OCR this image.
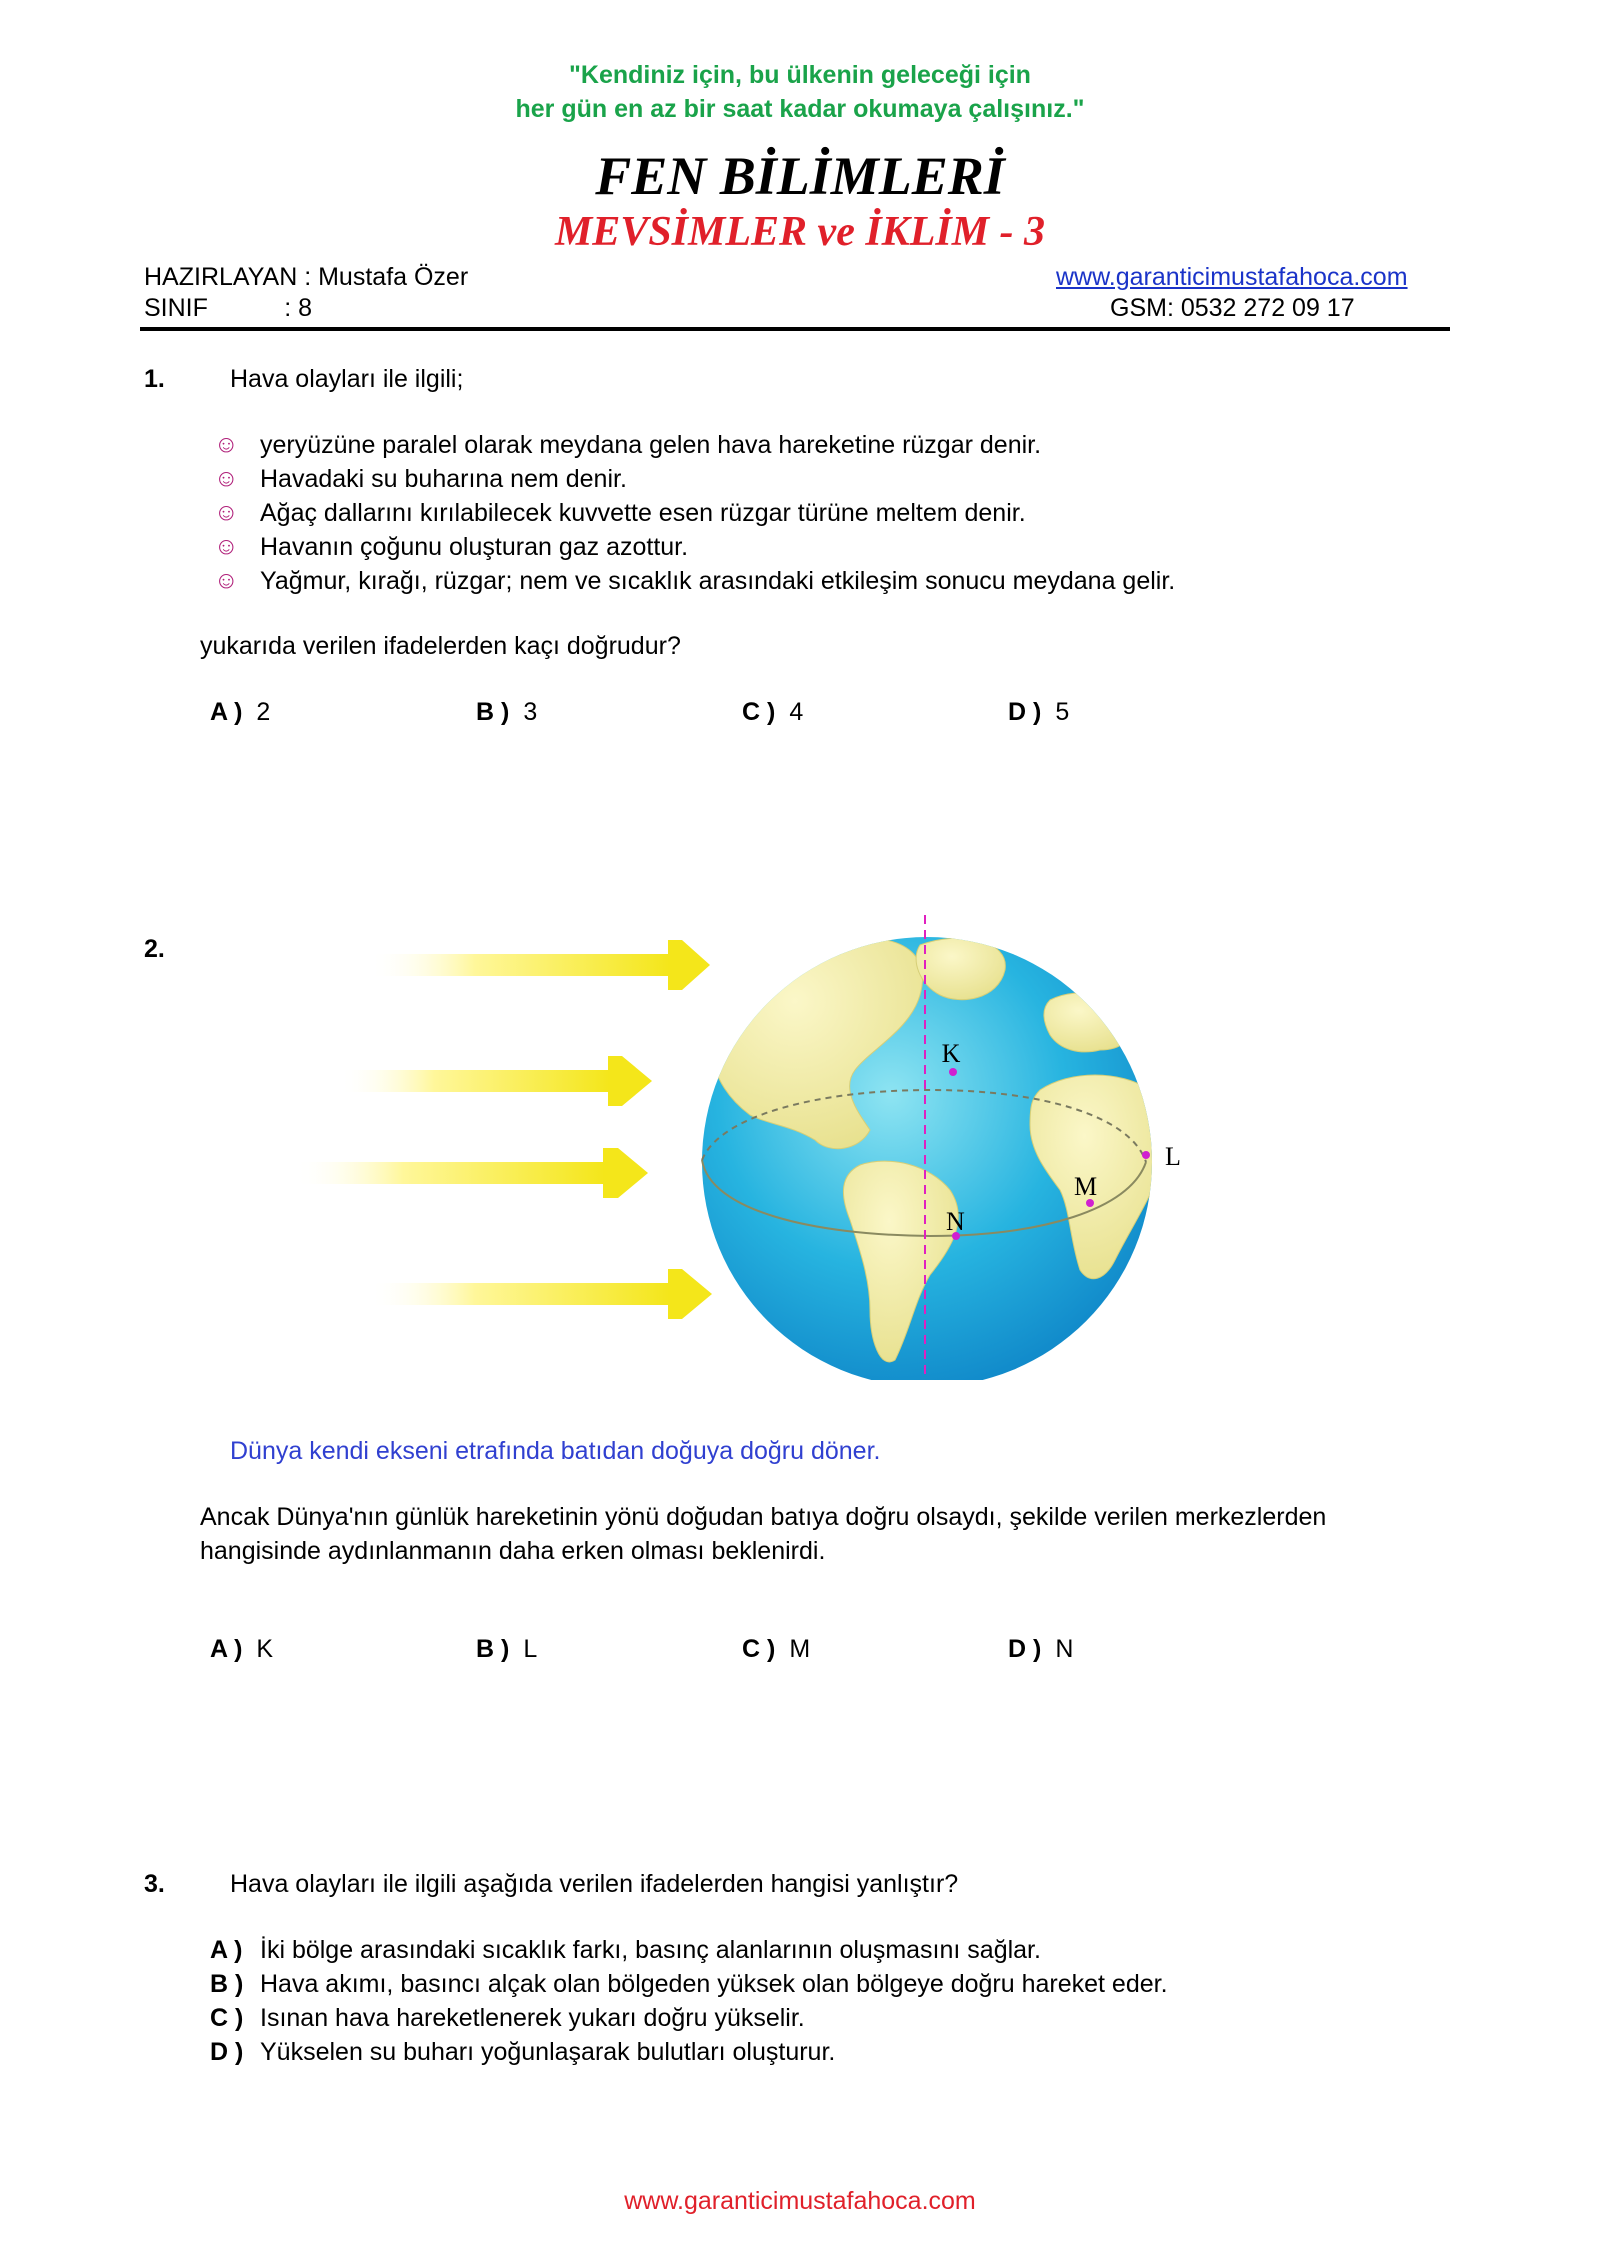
"Kendiniz için, bu ülkenin geleceği için
her gün en az bir saat kadar okumaya çalışınız."
FEN BİLİMLERİ
MEVSİMLER ve İKLİM - 3
HAZIRLAYAN : Mustafa Özer
SINIF           : 8
www.garanticimustafahoca.com
GSM: 0532 272 09 17
1.	Hava olayları ile ilgili;
☺ yeryüzüne paralel olarak meydana gelen hava hareketine rüzgar denir.
☺ Havadaki su buharına nem denir.
☺ Ağaç dallarını kırılabilecek kuvvette esen rüzgar türüne meltem denir.
☺ Havanın çoğunu oluşturan gaz azottur.
☺ Yağmur, kırağı, rüzgar; nem ve sıcaklık arasındaki etkileşim sonucu meydana gelir.
yukarıda verilen ifadelerden kaçı doğrudur?
A ) 2	B ) 3	C ) 4	D ) 5
2.
K
L
M
N
Dünya kendi ekseni etrafında batıdan doğuya doğru döner.
Ancak Dünya'nın günlük hareketinin yönü doğudan batıya doğru olsaydı, şekilde verilen merkezlerden
hangisinde aydınlanmanın daha erken olması beklenirdi.
A ) K	B ) L	C ) M	D ) N
3.	Hava olayları ile ilgili aşağıda verilen ifadelerden hangisi yanlıştır?
A ) İki bölge arasındaki sıcaklık farkı, basınç alanlarının oluşmasını sağlar.
B ) Hava akımı, basıncı alçak olan bölgeden yüksek olan bölgeye doğru hareket eder.
C ) Isınan hava hareketlenerek yukarı doğru yükselir.
D ) Yükselen su buharı yoğunlaşarak bulutları oluşturur.
www.garanticimustafahoca.com
